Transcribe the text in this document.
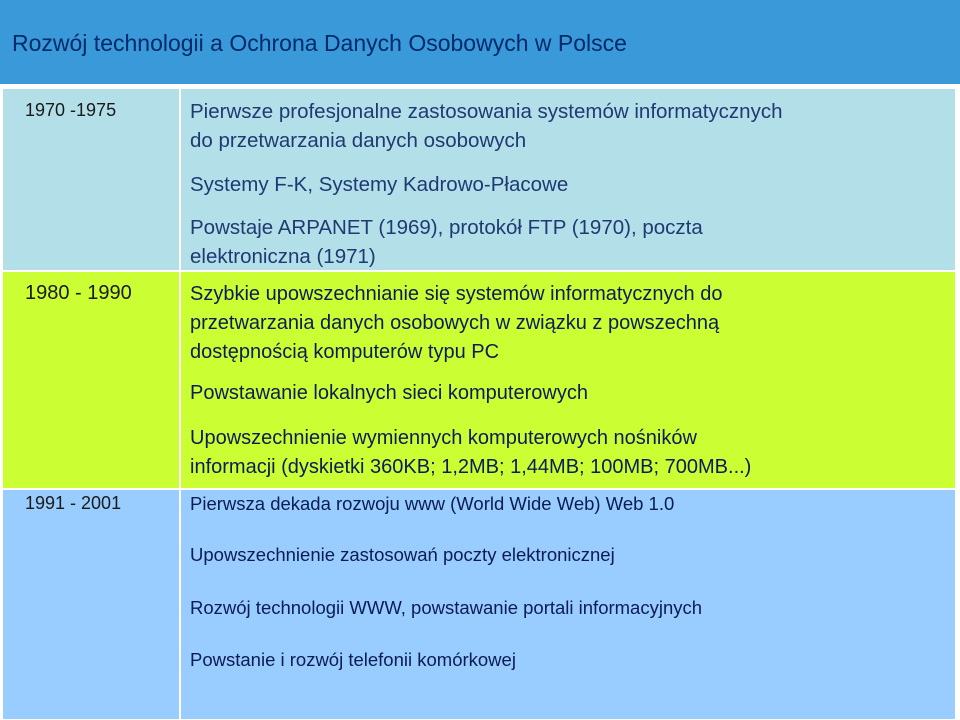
Rozwój technologii a Ochrona Danych Osobowych w Polsce
1970 -1975	Pierwsze profesjonalne zastosowania systemów informatycznych
do przetwarzania danych osobowych
Systemy F-K, Systemy Kadrowo-Płacowe
Powstaje ARPANET (1969), protokół FTP (1970), poczta
elektroniczna (1971)
1980 - 1990	Szybkie upowszechnianie się systemów informatycznych do
przetwarzania danych osobowych w związku z powszechną
dostępnością komputerów typu PC
Powstawanie lokalnych sieci komputerowych
Upowszechnienie wymiennych komputerowych nośników
informacji (dyskietki 360KB; 1,2MB; 1,44MB; 100MB; 700MB...)
1991 - 2001	Pierwsza dekada rozwoju www (World Wide Web) Web 1.0
Upowszechnienie zastosowań poczty elektronicznej
Rozwój technologii WWW, powstawanie portali informacyjnych
Powstanie i rozwój telefonii komórkowej
